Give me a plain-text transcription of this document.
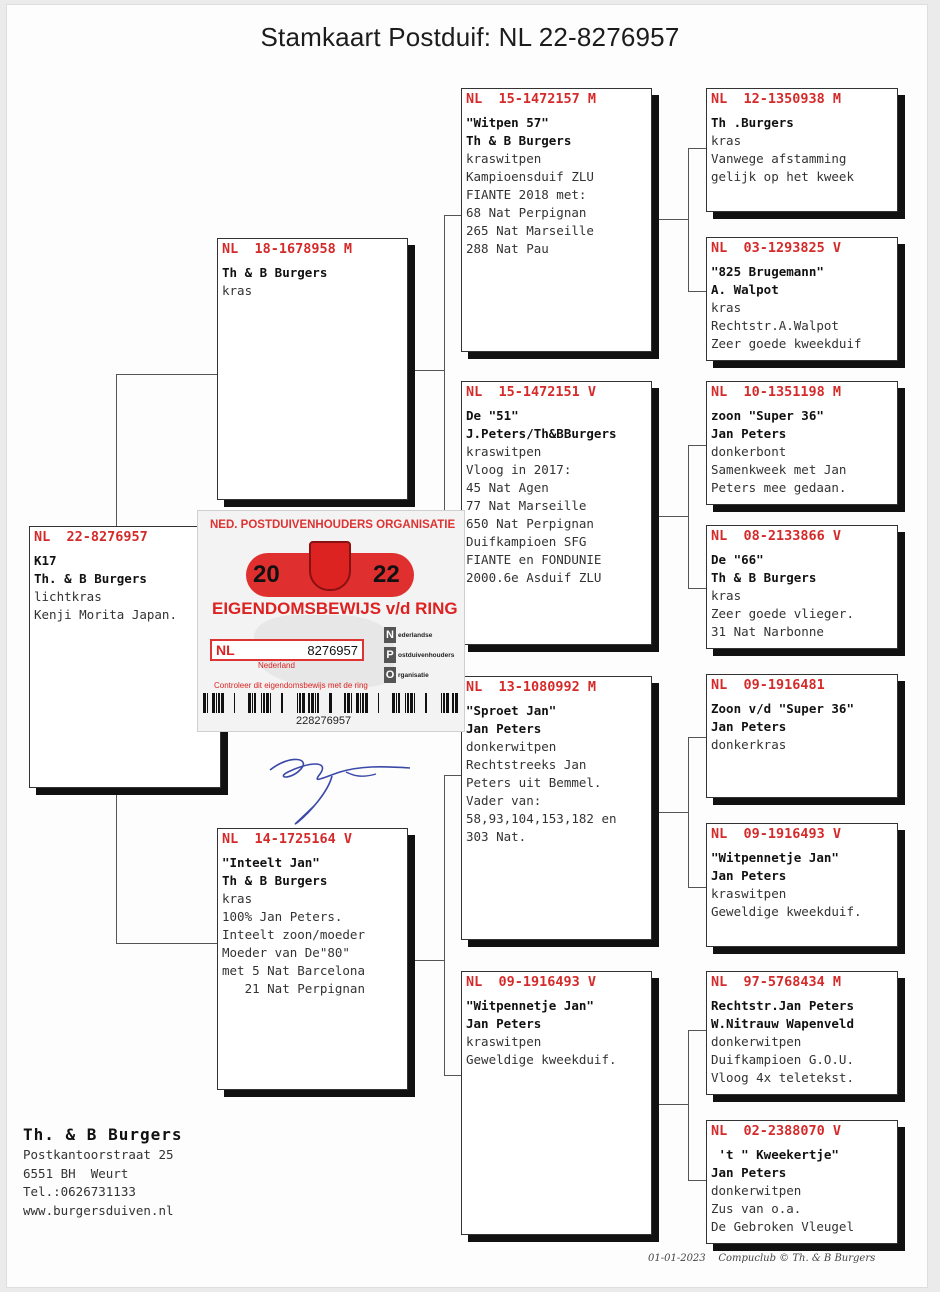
Stamkaart Postduif: NL 22-8276957
NL  22-8276957
K17
Th. & B Burgers
lichtkras
Kenji Morita Japan.
NL  18-1678958 M
Th & B Burgers
kras
NL  14-1725164 V
"Inteelt Jan"
Th & B Burgers
kras
100% Jan Peters.
Inteelt zoon/moeder
Moeder van De"80"
met 5 Nat Barcelona
21 Nat Perpignan
NL  15-1472157 M
"Witpen 57"
Th & B Burgers
kraswitpen
Kampioensduif ZLU
FIANTE 2018 met:
68 Nat Perpignan
265 Nat Marseille
288 Nat Pau
NL  15-1472151 V
De "51"
J.Peters/Th&BBurgers
kraswitpen
Vloog in 2017:
45 Nat Agen
77 Nat Marseille
650 Nat Perpignan
Duifkampioen SFG
FIANTE en FONDUNIE
2000.6e Asduif ZLU
NL  13-1080992 M
"Sproet Jan"
Jan Peters
donkerwitpen
Rechtstreeks Jan
Peters uit Bemmel.
Vader van:
58,93,104,153,182 en
303 Nat.
NL  09-1916493 V
"Witpennetje Jan"
Jan Peters
kraswitpen
Geweldige kweekduif.
NL  12-1350938 M
Th .Burgers
kras
Vanwege afstamming
gelijk op het kweek
NL  03-1293825 V
"825 Brugemann"
A. Walpot
kras
Rechtstr.A.Walpot
Zeer goede kweekduif
NL  10-1351198 M
zoon "Super 36"
Jan Peters
donkerbont
Samenkweek met Jan
Peters mee gedaan.
NL  08-2133866 V
De "66"
Th & B Burgers
kras
Zeer goede vlieger.
31 Nat Narbonne
NL  09-1916481
Zoon v/d "Super 36"
Jan Peters
donkerkras
NL  09-1916493 V
"Witpennetje Jan"
Jan Peters
kraswitpen
Geweldige kweekduif.
NL  97-5768434 M
Rechtstr.Jan Peters
W.Nitrauw Wapenveld
donkerwitpen
Duifkampioen G.O.U.
Vloog 4x teletekst.
NL  02-2388070 V
't " Kweekertje"
Jan Peters
donkerwitpen
Zus van o.a.
De Gebroken Vleugel
NED. POSTDUIVENHOUDERS ORGANISATIE
20	22
EIGENDOMSBEWIJS v/d RING
NL	8276957
Nederland
N ederlandse
P ostduivenhouders
O rganisatie
Controleer dit eigendomsbewijs met de ring
228276957
Th. & B Burgers
Postkantoorstraat 25
6551 BH  Weurt
Tel.:0626731133
www.burgersduiven.nl
01-01-2023    Compuclub © Th. & B Burgers
